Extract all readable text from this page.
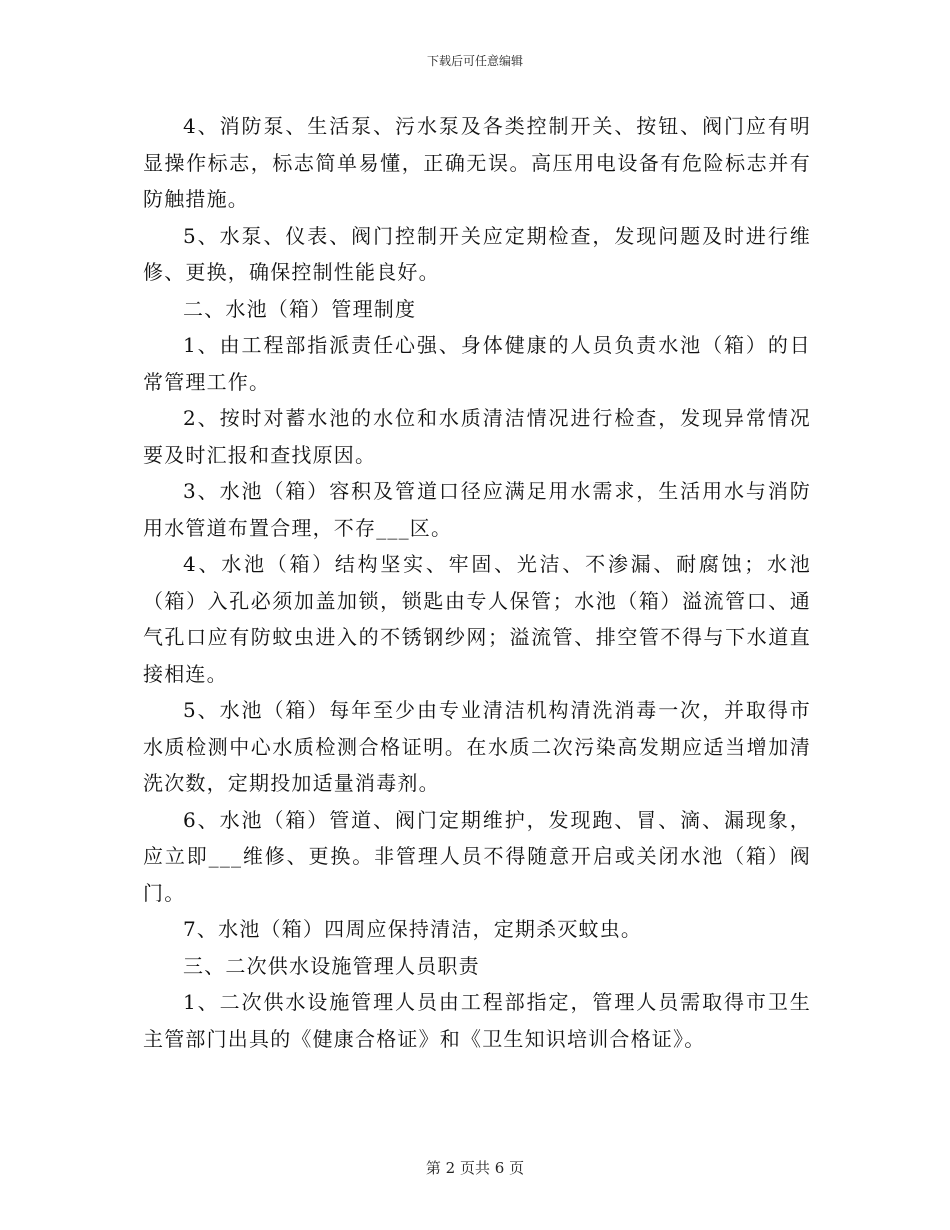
下载后可任意编辑

4、消防泵、生活泵、污水泵及各类控制开关、按钮、阀门应有明显操作标志，标志简单易懂，正确无误。高压用电设备有危险标志并有防触措施。

5、水泵、仪表、阀门控制开关应定期检查，发现问题及时进行维修、更换，确保控制性能良好。

二、水池（箱）管理制度

1、由工程部指派责任心强、身体健康的人员负责水池（箱）的日常管理工作。

2、按时对蓄水池的水位和水质清洁情况进行检查，发现异常情况要及时汇报和查找原因。

3、水池（箱）容积及管道口径应满足用水需求，生活用水与消防用水管道布置合理，不存___区。

4、水池（箱）结构坚实、牢固、光洁、不渗漏、耐腐蚀；水池（箱）入孔必须加盖加锁，锁匙由专人保管；水池（箱）溢流管口、通气孔口应有防蚊虫进入的不锈钢纱网；溢流管、排空管不得与下水道直接相连。

5、水池（箱）每年至少由专业清洁机构清洗消毒一次，并取得市水质检测中心水质检测合格证明。在水质二次污染高发期应适当增加清洗次数，定期投加适量消毒剂。

6、水池（箱）管道、阀门定期维护，发现跑、冒、滴、漏现象，应立即___维修、更换。非管理人员不得随意开启或关闭水池（箱）阀门。

7、水池（箱）四周应保持清洁，定期杀灭蚊虫。

三、二次供水设施管理人员职责

1、二次供水设施管理人员由工程部指定，管理人员需取得市卫生主管部门出具的《健康合格证》和《卫生知识培训合格证》。

第 2 页共 6 页
